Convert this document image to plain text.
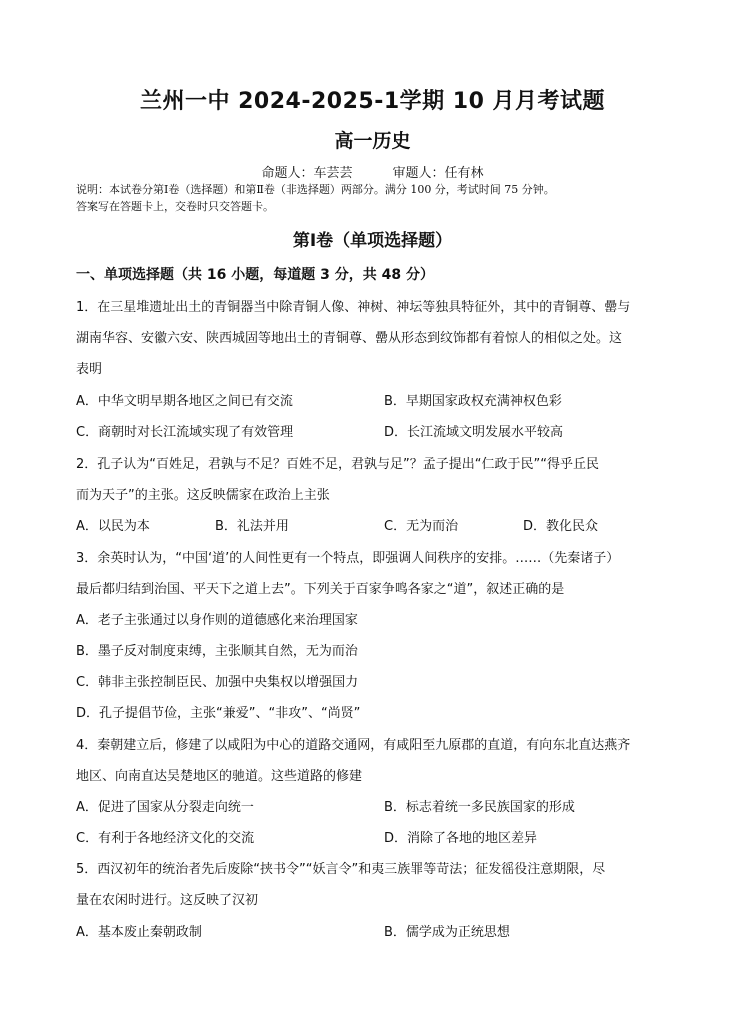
兰州一中 2024-2025-1学期 10 月月考试题
高一历史
命题人：车芸芸	审题人：任有林
说明：本试卷分第Ⅰ卷（选择题）和第Ⅱ卷（非选择题）两部分。满分 100 分，考试时间 75 分钟。
答案写在答题卡上，交卷时只交答题卡。
第Ⅰ卷（单项选择题）
一、单项选择题（共 16 小题，每道题 3 分，共 48 分）
1．在三星堆遗址出土的青铜器当中除青铜人像、神树、神坛等独具特征外，其中的青铜尊、罍与
湖南华容、安徽六安、陕西城固等地出土的青铜尊、罍从形态到纹饰都有着惊人的相似之处。这
表明
A．中华文明早期各地区之间已有交流	B．早期国家政权充满神权色彩
C．商朝时对长江流域实现了有效管理	D．长江流域文明发展水平较高
2．孔子认为“百姓足，君孰与不足？百姓不足，君孰与足”？孟子提出“仁政于民”“得乎丘民
而为天子”的主张。这反映儒家在政治上主张
A．以民为本	B．礼法并用	C．无为而治	D．教化民众
3．余英时认为，“中国‘道’的人间性更有一个特点，即强调人间秩序的安排。……（先秦诸子）
最后都归结到治国、平天下之道上去”。下列关于百家争鸣各家之“道”，叙述正确的是
A．老子主张通过以身作则的道德感化来治理国家
B．墨子反对制度束缚，主张顺其自然，无为而治
C．韩非主张控制臣民、加强中央集权以增强国力
D．孔子提倡节俭，主张“兼爱”、“非攻”、“尚贤”
4．秦朝建立后，修建了以咸阳为中心的道路交通网，有咸阳至九原郡的直道，有向东北直达燕齐
地区、向南直达吴楚地区的驰道。这些道路的修建
A．促进了国家从分裂走向统一	B．标志着统一多民族国家的形成
C．有利于各地经济文化的交流	D．消除了各地的地区差异
5．西汉初年的统治者先后废除“挟书令”“妖言令”和夷三族罪等苛法；征发徭役注意期限，尽
量在农闲时进行。这反映了汉初
A．基本废止秦朝政制	B．儒学成为正统思想
